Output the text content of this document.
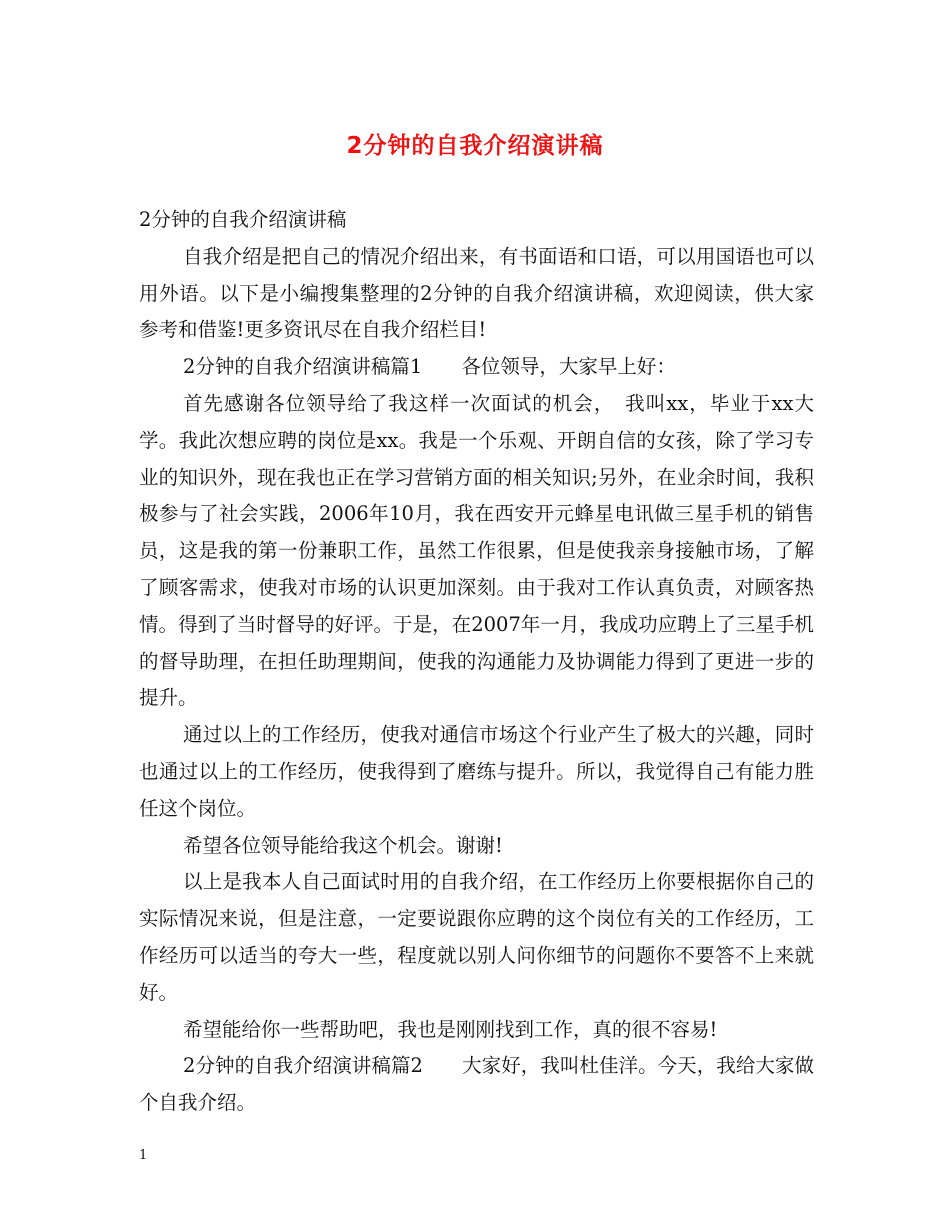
2分钟的自我介绍演讲稿

2分钟的自我介绍演讲稿

自我介绍是把自己的情况介绍出来，有书面语和口语，可以用国语也可以用外语。以下是小编搜集整理的2分钟的自我介绍演讲稿，欢迎阅读，供大家参考和借鉴!更多资讯尽在自我介绍栏目!

2分钟的自我介绍演讲稿篇1　　各位领导，大家早上好：

首先感谢各位领导给了我这样一次面试的机会，　我叫xx，毕业于xx大学。我此次想应聘的岗位是xx。我是一个乐观、开朗自信的女孩，除了学习专业的知识外，现在我也正在学习营销方面的相关知识;另外，在业余时间，我积极参与了社会实践，2006年10月，我在西安开元蜂星电讯做三星手机的销售员，这是我的第一份兼职工作，虽然工作很累，但是使我亲身接触市场，了解了顾客需求，使我对市场的认识更加深刻。由于我对工作认真负责，对顾客热情。得到了当时督导的好评。于是，在2007年一月，我成功应聘上了三星手机的督导助理，在担任助理期间，使我的沟通能力及协调能力得到了更进一步的提升。

通过以上的工作经历，使我对通信市场这个行业产生了极大的兴趣，同时也通过以上的工作经历，使我得到了磨练与提升。所以，我觉得自己有能力胜任这个岗位。

希望各位领导能给我这个机会。谢谢!

以上是我本人自己面试时用的自我介绍，在工作经历上你要根据你自己的实际情况来说，但是注意，一定要说跟你应聘的这个岗位有关的工作经历，工作经历可以适当的夸大一些，程度就以别人问你细节的问题你不要答不上来就好。

希望能给你一些帮助吧，我也是刚刚找到工作，真的很不容易!

2分钟的自我介绍演讲稿篇2　　大家好，我叫杜佳洋。今天，我给大家做个自我介绍。

1
